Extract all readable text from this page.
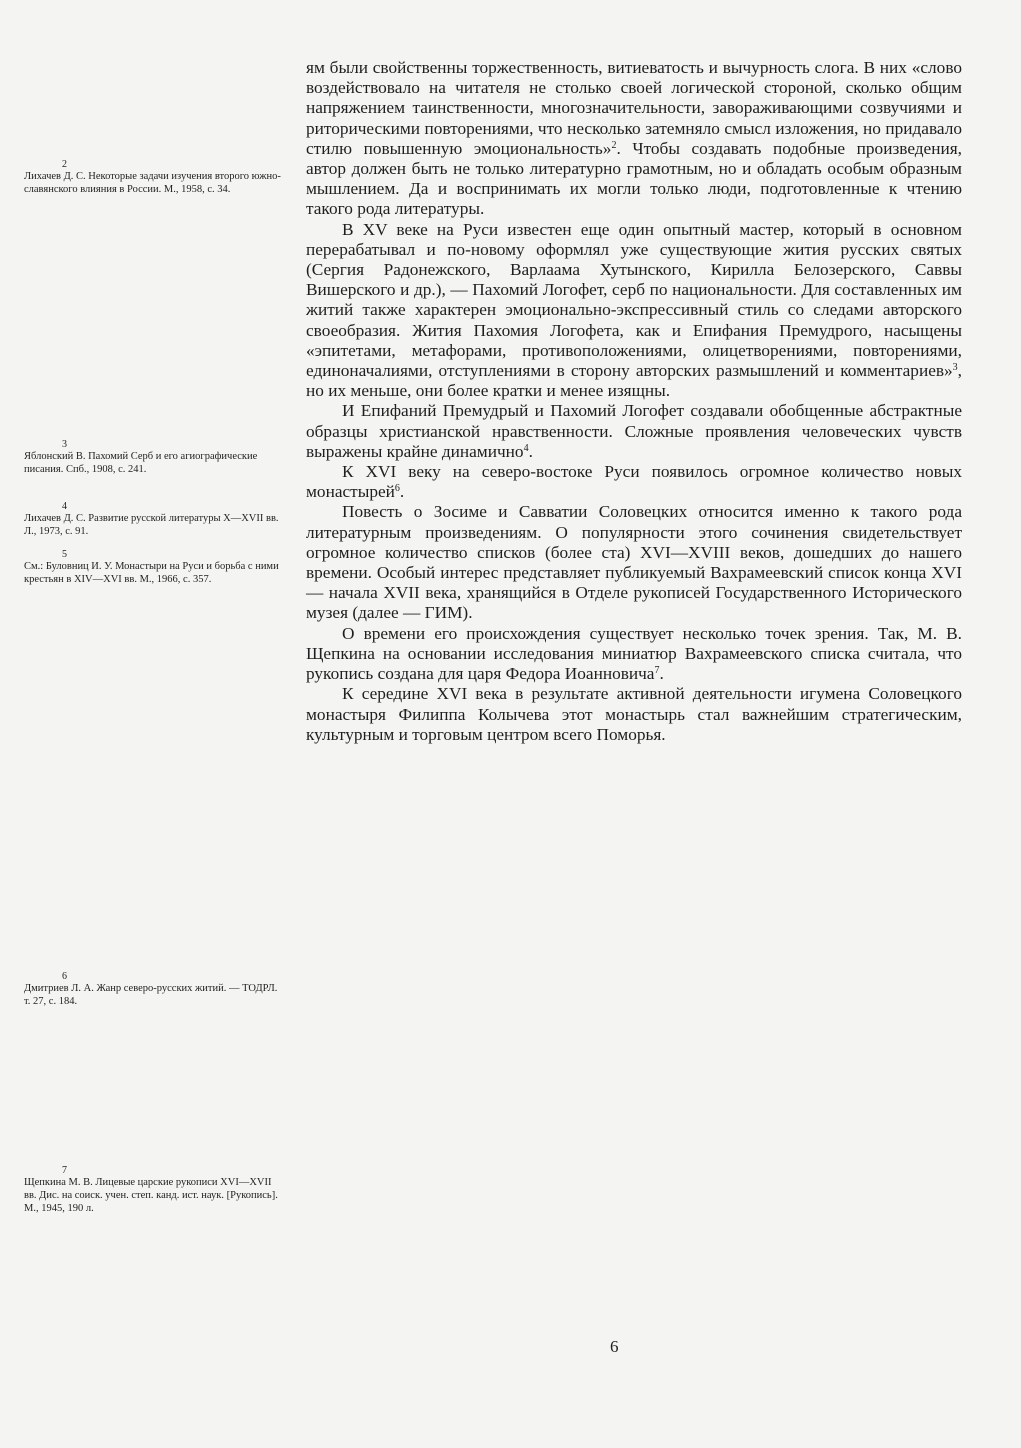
2
Лихачев Д. С. Некоторые задачи изучения второго южно-славянского влияния в России. М., 1958, с. 34.
3
Яблонский В. Пахомий Серб и его агиографические писания. Спб., 1908, с. 241.
4
Лихачев Д. С. Развитие русской литературы X—XVII вв. Л., 1973, с. 91.
5
См.: Буловниц И. У. Монастыри на Руси и борьба с ними крестьян в XIV—XVI вв. М., 1966, с. 357.
6
Дмитриев Л. А. Жанр северо-русских житий. — ТОДРЛ. т. 27, с. 184.
7
Щепкина М. В. Лицевые царские рукописи XVI—XVII вв. Дис. на соиск. учен. степ. канд. ист. наук. [Рукопись]. М., 1945, 190 л.

ям были свойственны торжественность, витиеватость и вычурность слога. В них «слово воздействовало на читателя не столько своей логической стороной, сколько общим напряжением таинственности, многозначительности, завораживающими созвучиями и риторическими повторениями, что несколько затемняло смысл изложения, но придавало стилю повышенную эмоциональность»$^2$. Чтобы создавать подобные произведения, автор должен быть не только литературно грамотным, но и обладать особым образным мышлением. Да и воспринимать их могли только люди, подготовленные к чтению такого рода литературы.

В XV веке на Руси известен еще один опытный мастер, который в основном перерабатывал и по-новому оформлял уже существующие жития русских святых (Сергия Радонежского, Варлаама Хутынского, Кирилла Белозерского, Саввы Вишерского и др.), — Пахомий Логофет, серб по национальности. Для составленных им житий также характерен эмоционально-экспрессивный стиль со следами авторского своеобразия. Жития Пахомия Логофета, как и Епифания Премудрого, насыщены «эпитетами, метафорами, противоположениями, олицетворениями, повторениями, единоначалиями, отступлениями в сторону авторских размышлений и комментариев»$^3$, но их меньше, они более кратки и менее изящны.

И Епифаний Премудрый и Пахомий Логофет создавали обобщенные абстрактные образцы христианской нравственности. Сложные проявления человеческих чувств выражены крайне динамично$^4$.

К XVI веку на северо-востоке Руси появилось огромное количество новых монастырей$^6$.

Повесть о Зосиме и Савватии Соловецких относится именно к такого рода литературным произведениям. О популярности этого сочинения свидетельствует огромное количество списков (более ста) XVI—XVIII веков, дошедших до нашего времени. Особый интерес представляет публикуемый Вахрамеевский список конца XVI — начала XVII века, хранящийся в Отделе рукописей Государственного Исторического музея (далее — ГИМ).

О времени его происхождения существует несколько точек зрения. Так, М. В. Щепкина на основании исследования миниатюр Вахрамеевского списка считала, что рукопись создана для царя Федора Иоанновича$^7$.

К середине XVI века в результате активной деятельности игумена Соловецкого монастыря Филиппа Колычева этот монастырь стал важнейшим стратегическим, культурным и торговым центром всего Поморья.

6
